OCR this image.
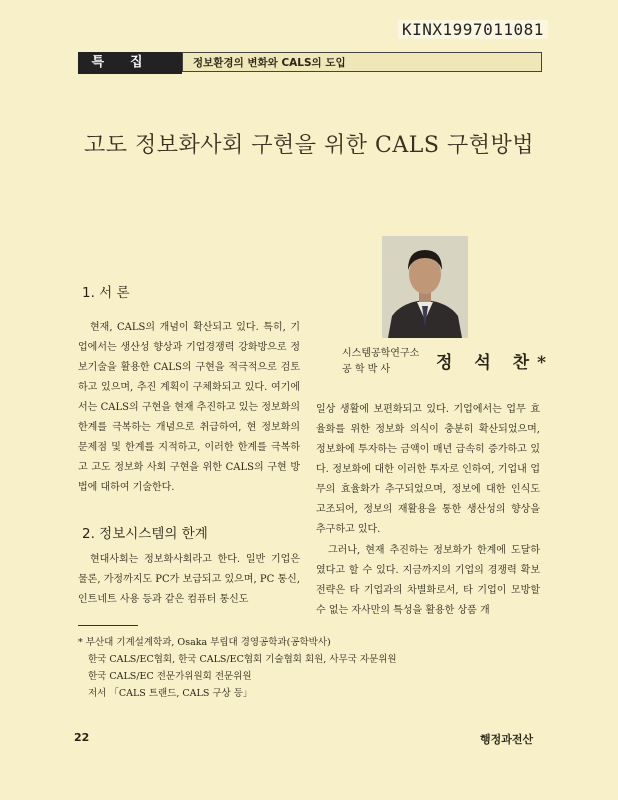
KINX1997011081
특집	정보환경의 변화와 CALS의 도입
고도 정보화사회 구현을 위한 CALS 구현방법
시스템공학연구소
공 학 박 사	정 석 찬*
1. 서 론

현재, CALS의 개념이 확산되고 있다. 특히, 기업에서는 생산성 향상과 기업경쟁력 강화방으로 정보기술을 활용한 CALS의 구현을 적극적으로 검토하고 있으며, 추진 계획이 구체화되고 있다. 여기에서는 CALS의 구현을 현재 추진하고 있는 정보화의 한계를 극복하는 개념으로 취급하여, 현 정보화의 문제점 및 한계를 지적하고, 이러한 한계를 극복하고 고도 정보화 사회 구현을 위한 CALS의 구현 방법에 대하여 기술한다.

2. 정보시스템의 한계

현대사회는 정보화사회라고 한다. 일반 기업은 물론, 가정까지도 PC가 보급되고 있으며, PC 통신, 인트네트 사용 등과 같은 컴퓨터 통신도

일상 생활에 보편화되고 있다. 기업에서는 업무 효율화를 위한 정보화 의식이 충분히 확산되었으며, 정보화에 투자하는 금액이 매년 급속히 증가하고 있다. 정보화에 대한 이러한 투자로 인하여, 기업내 업무의 효율화가 추구되었으며, 정보에 대한 인식도 고조되어, 정보의 재활용을 통한 생산성의 향상을 추구하고 있다.

그러나, 현재 추진하는 정보화가 한계에 도달하였다고 할 수 있다. 지금까지의 기업의 경쟁력 확보 전략은 타 기업과의 차별화로서, 타 기업이 모방할 수 없는 자사만의 특성을 활용한 상품 개

* 부산대 기계설계학과, Osaka 부립대 경영공학과(공학박사)
한국 CALS/EC협회, 한국 CALS/EC협회 기술협회 회원, 사무국 자문위원
한국 CALS/EC 전문가위원회 전문위원
저서 「CALS 트랜드, CALS 구상 등」
22	행정과전산
